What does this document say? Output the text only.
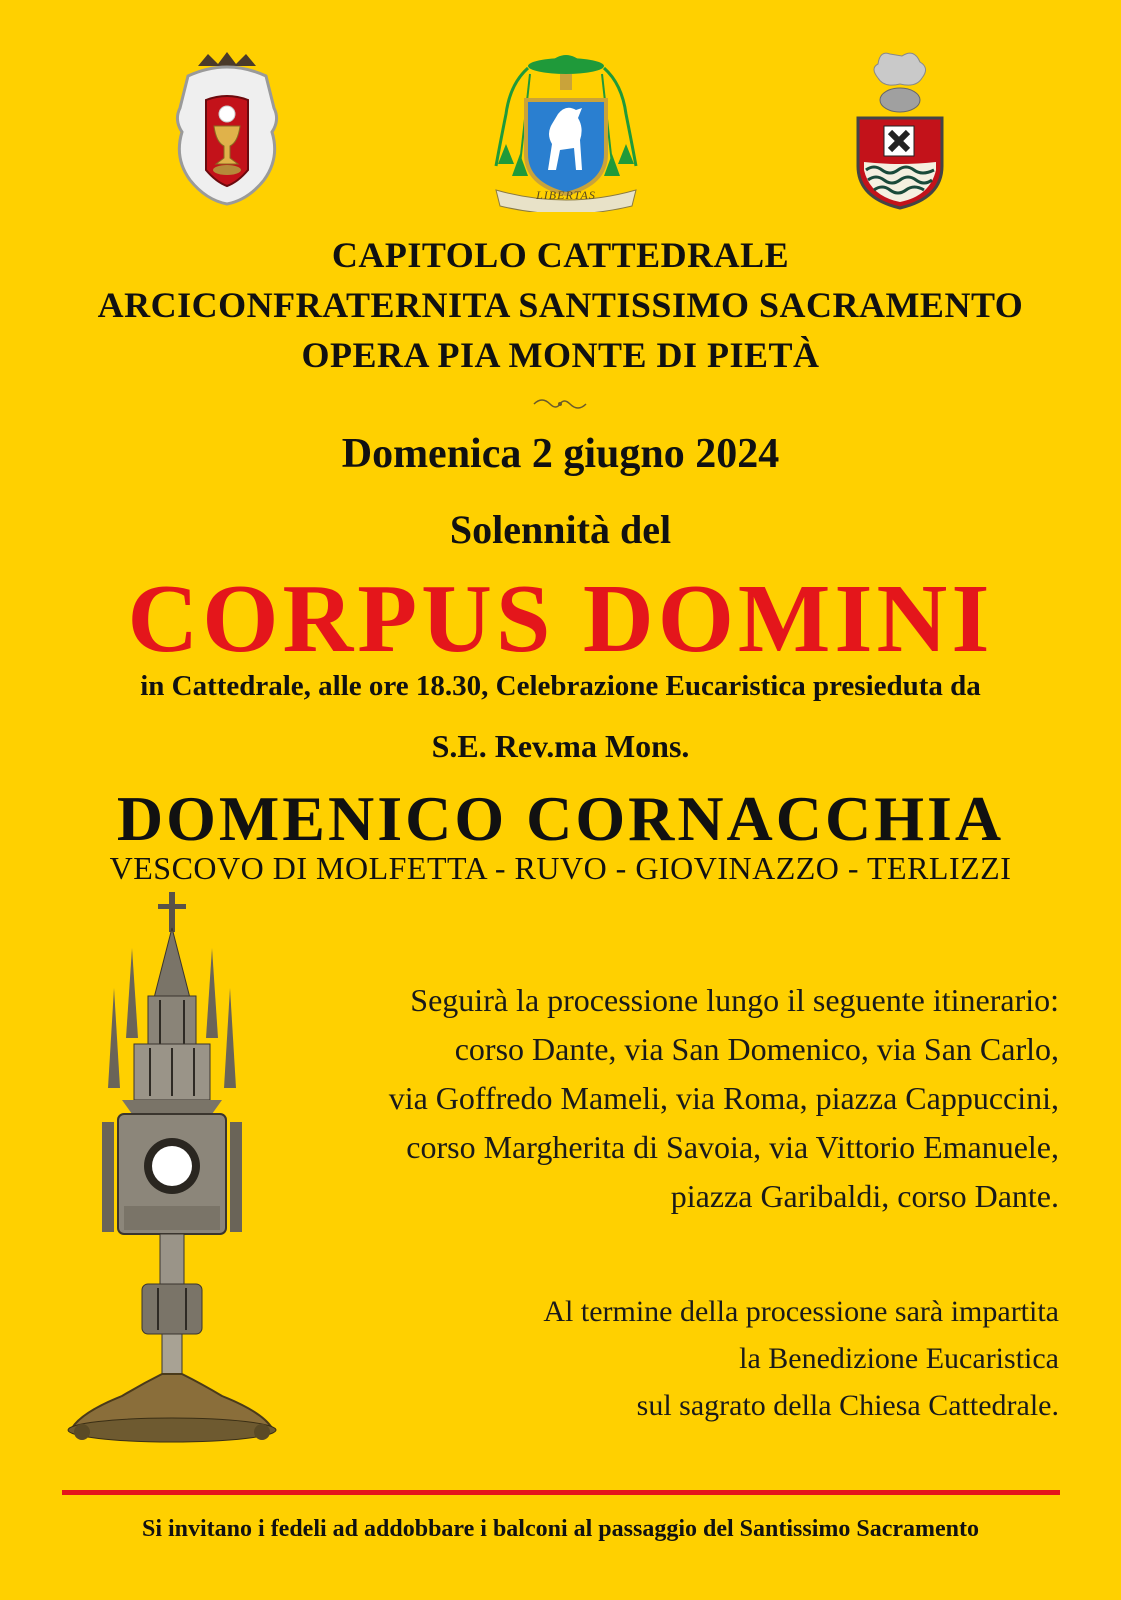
LIBERTAS
CAPITOLO CATTEDRALE
ARCICONFRATERNITA SANTISSIMO SACRAMENTO
OPERA PIA MONTE DI PIETÀ
Domenica 2 giugno 2024
Solennità del
CORPUS DOMINI
in Cattedrale, alle ore 18.30, Celebrazione Eucaristica presieduta da
S.E. Rev.ma Mons.
DOMENICO CORNACCHIA
VESCOVO DI MOLFETTA - RUVO - GIOVINAZZO - TERLIZZI
Seguirà la processione lungo il seguente itinerario:
corso Dante, via San Domenico, via San Carlo,
via Goffredo Mameli, via Roma, piazza Cappuccini,
corso Margherita di Savoia, via Vittorio Emanuele,
piazza Garibaldi, corso Dante.
Al termine della processione sarà impartita
la Benedizione Eucaristica
sul sagrato della Chiesa Cattedrale.
Si invitano i fedeli ad addobbare i balconi al passaggio del Santissimo Sacramento
